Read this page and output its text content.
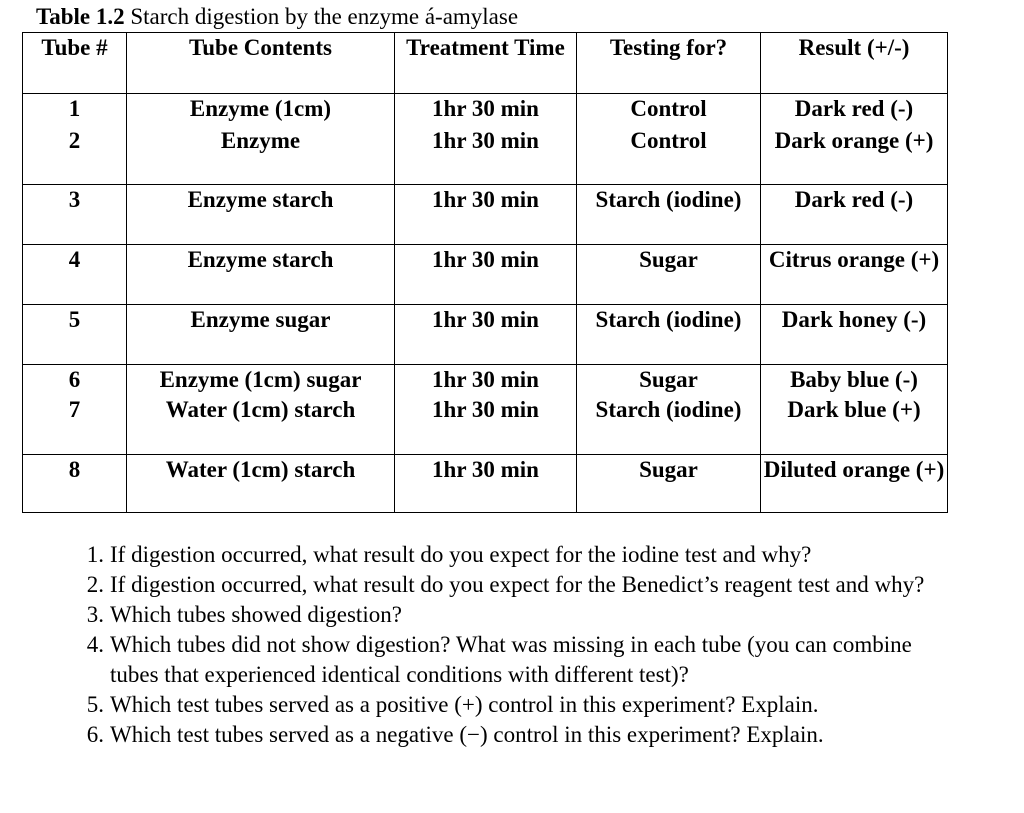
Table 1.2 Starch digestion by the enzyme á-amylase
Tube #	Tube Contents	Treatment Time	Testing for?	Result (+/-)
1	Enzyme (1cm)	1hr 30 min	Control	Dark red (-)
2	Enzyme	1hr 30 min	Control	Dark orange (+)
3	Enzyme starch	1hr 30 min	Starch (iodine)	Dark red (-)
4	Enzyme starch	1hr 30 min	Sugar	Citrus orange (+)
5	Enzyme sugar	1hr 30 min	Starch (iodine)	Dark honey (-)
6	Enzyme (1cm) sugar	1hr 30 min	Sugar	Baby blue (-)
7	Water (1cm) starch	1hr 30 min	Starch (iodine)	Dark blue (+)
8	Water (1cm) starch	1hr 30 min	Sugar	Diluted orange (+)
1. If digestion occurred, what result do you expect for the iodine test and why?
2. If digestion occurred, what result do you expect for the Benedict’s reagent test and why?
3. Which tubes showed digestion?
4. Which tubes did not show digestion? What was missing in each tube (you can combine tubes that experienced identical conditions with different test)?
5. Which test tubes served as a positive (+) control in this experiment? Explain.
6. Which test tubes served as a negative (−) control in this experiment? Explain.
